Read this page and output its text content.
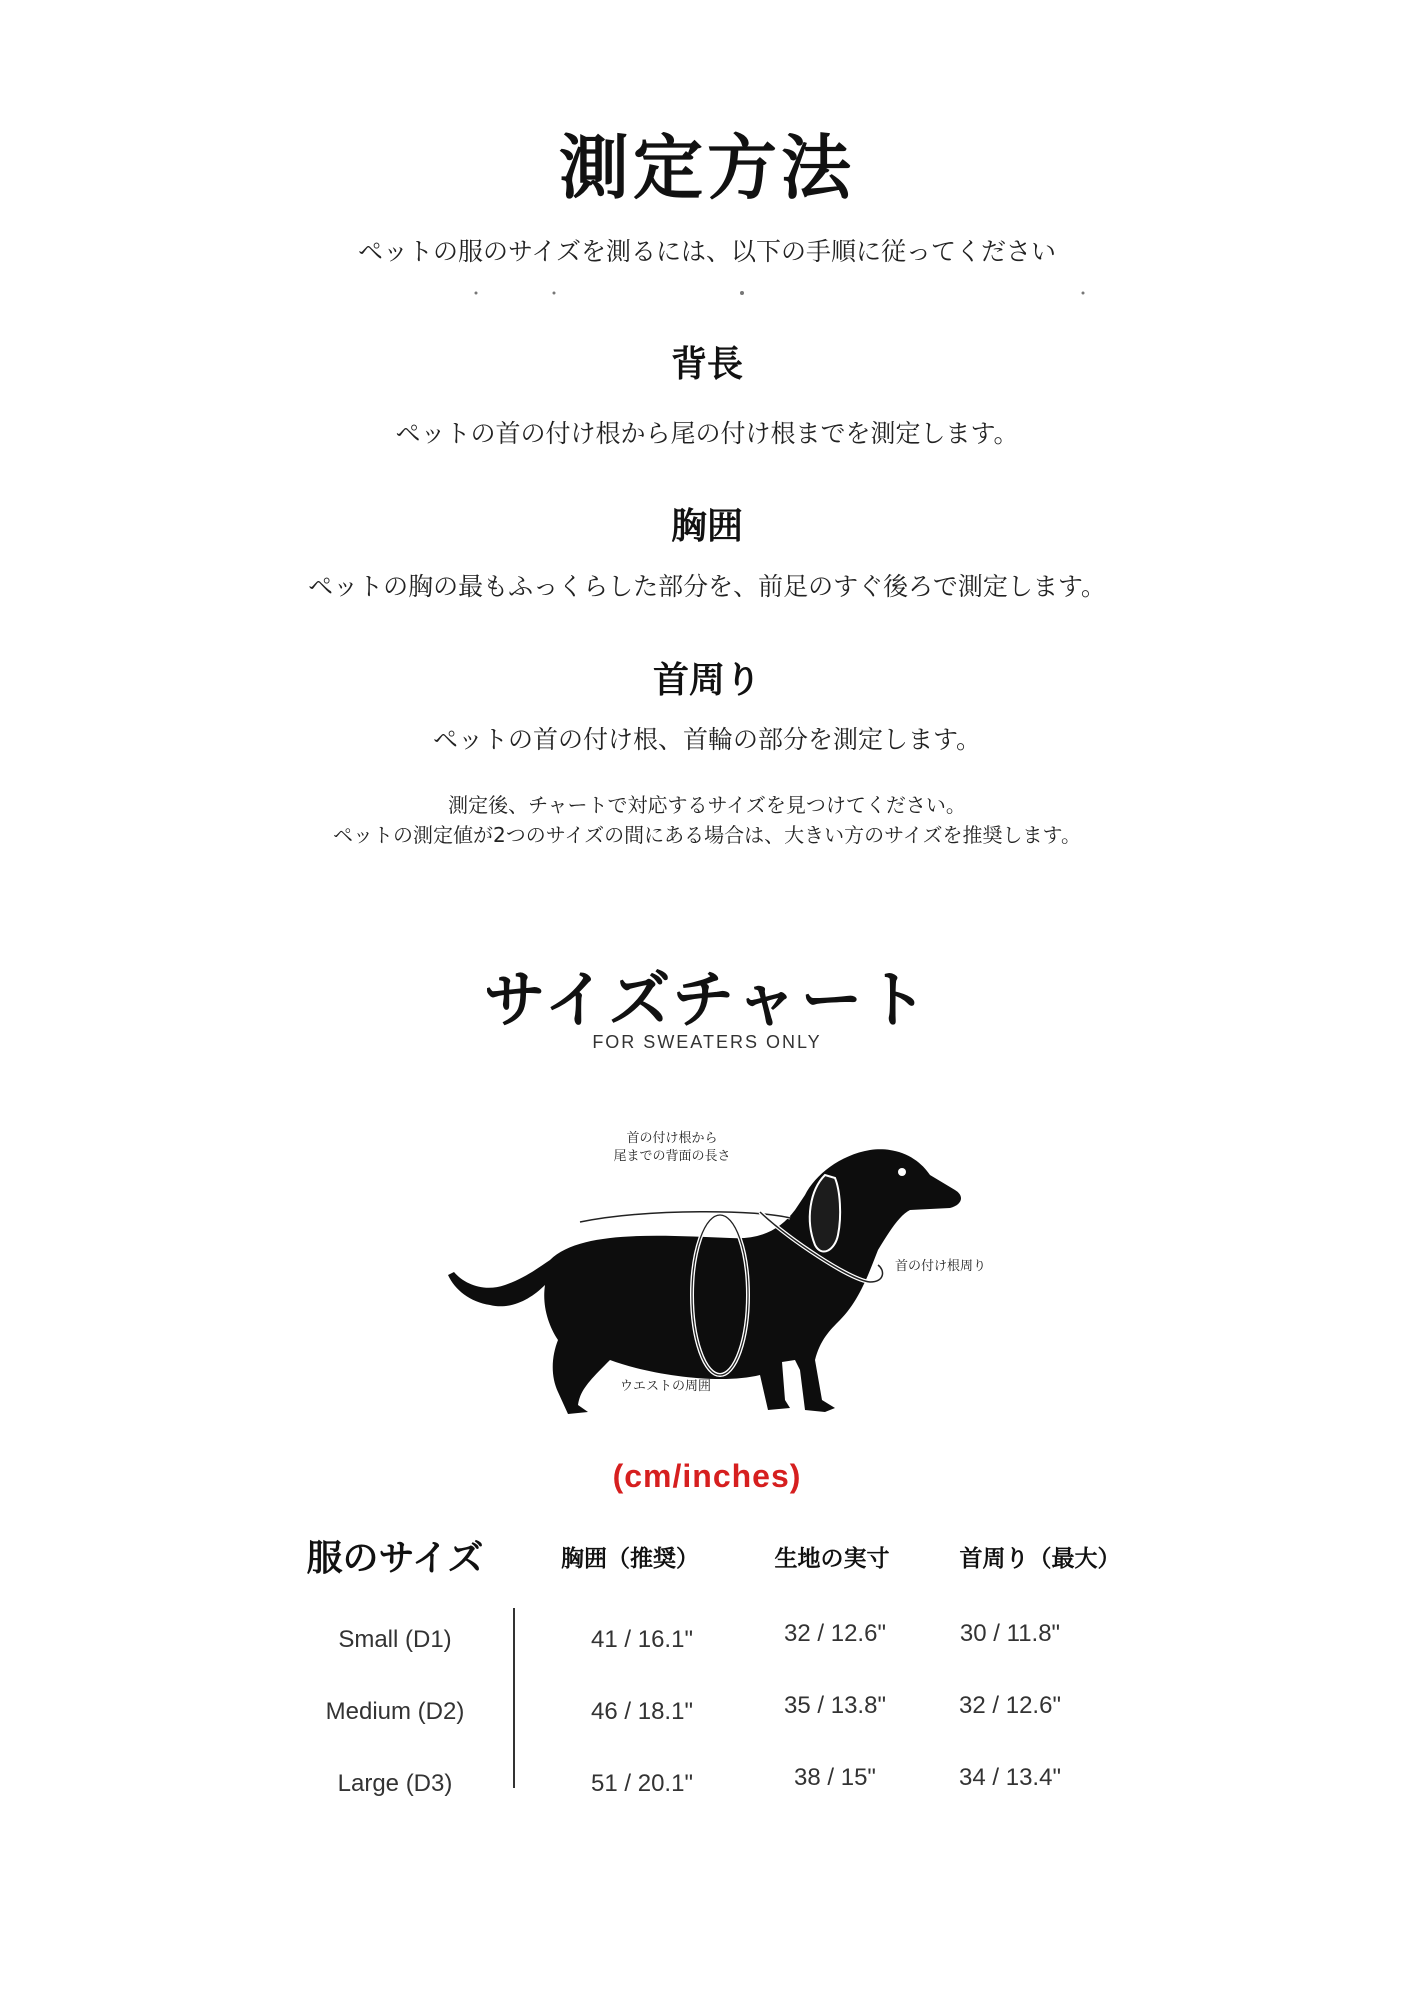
測定方法
ペットの服のサイズを測るには、以下の手順に従ってください
背長
ペットの首の付け根から尾の付け根までを測定します。
胸囲
ペットの胸の最もふっくらした部分を、前足のすぐ後ろで測定します。
首周り
ペットの首の付け根、首輪の部分を測定します。
測定後、チャートで対応するサイズを見つけてください。
ペットの測定値が2つのサイズの間にある場合は、大きい方のサイズを推奨します。
サイズチャート
FOR SWEATERS ONLY
首の付け根から
尾までの背面の長さ
首の付け根周り
ウエストの周囲
(cm/inches)
服のサイズ	胸囲（推奨）	生地の実寸	首周り（最大）
Small (D1)	41 / 16.1"	32 / 12.6"	30 / 11.8"
Medium (D2)	46 / 18.1"	35 / 13.8"	32 / 12.6"
Large (D3)	51 / 20.1"	38 / 15"	34 / 13.4"
